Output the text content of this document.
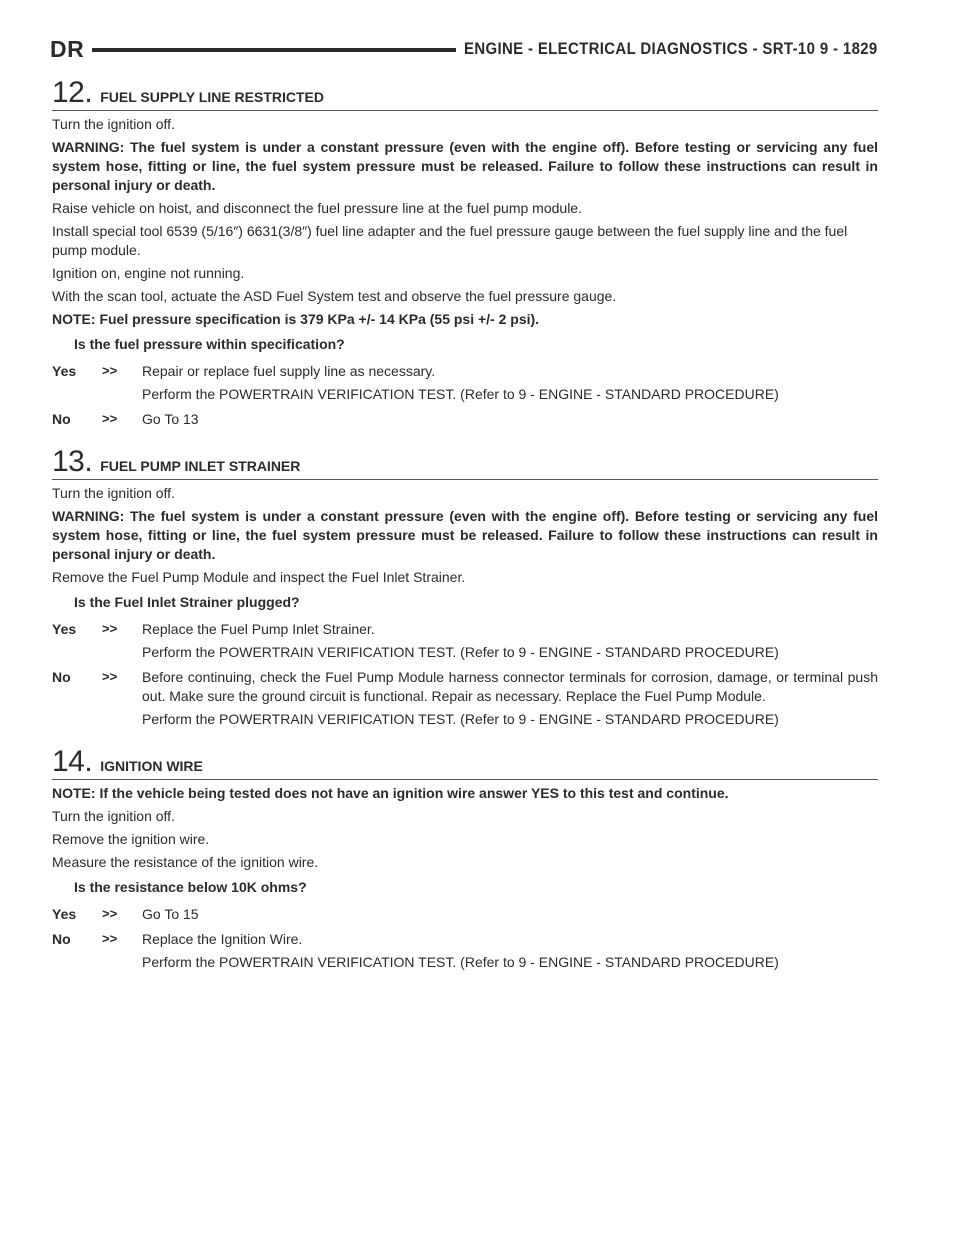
DR	ENGINE - ELECTRICAL DIAGNOSTICS - SRT-10 9 - 1829
12. FUEL SUPPLY LINE RESTRICTED

Turn the ignition off.

WARNING: The fuel system is under a constant pressure (even with the engine off). Before testing or servicing any fuel system hose, fitting or line, the fuel system pressure must be released. Failure to follow these instructions can result in personal injury or death.

Raise vehicle on hoist, and disconnect the fuel pressure line at the fuel pump module.

Install special tool 6539 (5/16″) 6631(3/8″) fuel line adapter and the fuel pressure gauge between the fuel supply line and the fuel pump module.

Ignition on, engine not running.

With the scan tool, actuate the ASD Fuel System test and observe the fuel pressure gauge.

NOTE: Fuel pressure specification is 379 KPa +/- 14 KPa (55 psi +/- 2 psi).

Is the fuel pressure within specification?

Yes	>>	Repair or replace fuel supply line as necessary.

Perform the POWERTRAIN VERIFICATION TEST. (Refer to 9 - ENGINE - STANDARD PROCEDURE)

No	>>	Go To 13

13. FUEL PUMP INLET STRAINER

Turn the ignition off.

WARNING: The fuel system is under a constant pressure (even with the engine off). Before testing or servicing any fuel system hose, fitting or line, the fuel system pressure must be released. Failure to follow these instructions can result in personal injury or death.

Remove the Fuel Pump Module and inspect the Fuel Inlet Strainer.

Is the Fuel Inlet Strainer plugged?

Yes	>>	Replace the Fuel Pump Inlet Strainer.

Perform the POWERTRAIN VERIFICATION TEST. (Refer to 9 - ENGINE - STANDARD PROCEDURE)

No	>>	Before continuing, check the Fuel Pump Module harness connector terminals for corrosion, damage, or terminal push out. Make sure the ground circuit is functional. Repair as necessary. Replace the Fuel Pump Module.

Perform the POWERTRAIN VERIFICATION TEST. (Refer to 9 - ENGINE - STANDARD PROCEDURE)

14. IGNITION WIRE

NOTE: If the vehicle being tested does not have an ignition wire answer YES to this test and continue.

Turn the ignition off.

Remove the ignition wire.

Measure the resistance of the ignition wire.

Is the resistance below 10K ohms?

Yes	>>	Go To 15

No	>>	Replace the Ignition Wire.

Perform the POWERTRAIN VERIFICATION TEST. (Refer to 9 - ENGINE - STANDARD PROCEDURE)
